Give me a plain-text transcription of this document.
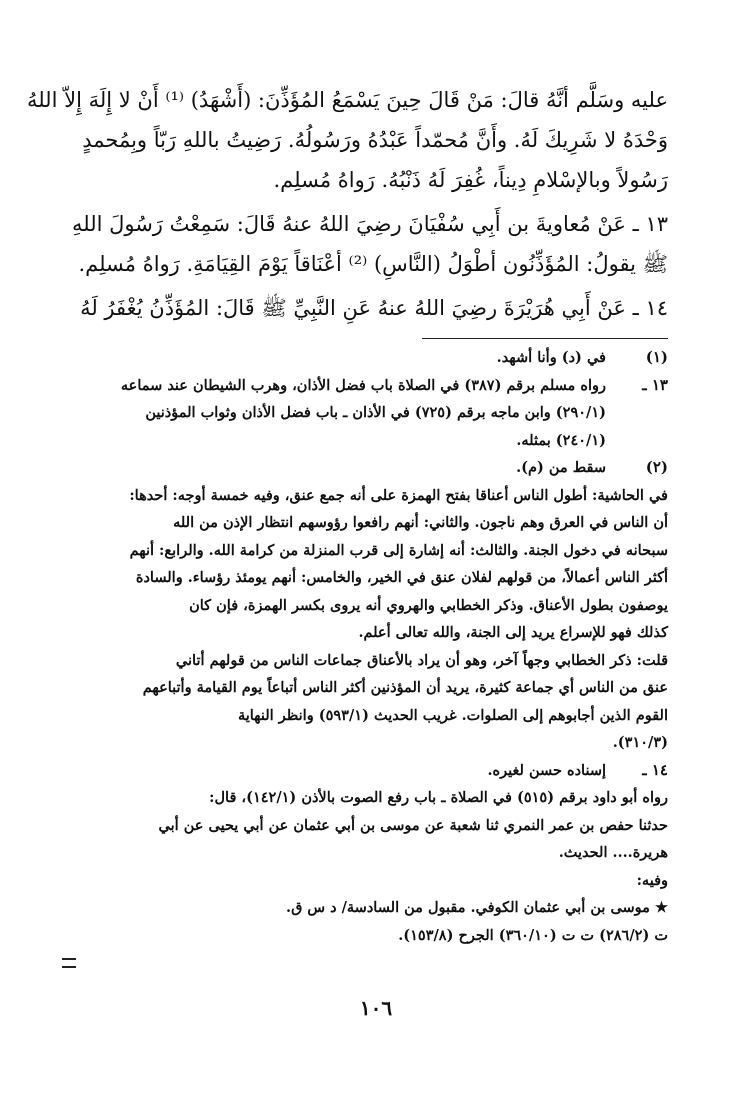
عليه وسَلَّم أنَّهُ قالَ: مَنْ قَالَ حِينَ يَسْمَعُ المُؤَذِّنَ: (أَشْهَدُ) ⁽¹⁾ أَنْ لا إِلَهَ إِلاّ اللهُ

وَحْدَهُ لا شَرِيكَ لَهُ. وأَنَّ مُحمّداً عَبْدُهُ ورَسُولُهُ. رَضِيتُ باللهِ رَبّاً وبِمُحمدٍ

رَسُولاً وبالإسْلامِ دِيناً، غُفِرَ لَهُ ذَنْبُهُ. رَواهُ مُسلِم.

١٣ ـ عَنْ مُعاويةَ بن أَبِي سُفْيَانَ رضِيَ اللهُ عنهُ قَالَ: سَمِعْتُ رَسُولَ اللهِ

ﷺ يقولُ: المُؤَذِّنُون أطْوَلُ (النَّاسِ) ⁽²⁾ أعْنَاقاً يَوْمَ القِيَامَةِ. رَواهُ مُسلِم.

١٤ ـ عَنْ أَبِي هُرَيْرَةَ رضِيَ اللهُ عنهُ عَنِ النَّبِيِّ ﷺ قَالَ: المُؤَذِّنُ يُغْفَرُ لَهُ

(١)
في (د) وأنا أشهد.
١٣ ـ
رواه مسلم برقم (٣٨٧) في الصلاة باب فضل الأذان، وهرب الشيطان عند سماعه
(٢٩٠/١) وابن ماجه برقم (٧٢٥) في الأذان ـ باب فضل الأذان وثواب المؤذنين
(٢٤٠/١) بمثله.
(٢)
سقط من (م).
في الحاشية: أطول الناس أعناقا بفتح الهمزة على أنه جمع عنق، وفيه خمسة أوجه: أحدها:
أن الناس في العرق وهم ناجون. والثاني: أنهم رافعوا رؤوسهم انتظار الإذن من الله
سبحانه في دخول الجنة. والثالث: أنه إشارة إلى قرب المنزلة من كرامة الله. والرابع: أنهم
أكثر الناس أعمالاً، من قولهم لفلان عنق في الخير، والخامس: أنهم يومئذ رؤساء. والسادة
يوصفون بطول الأعناق. وذكر الخطابي والهروي أنه يروى بكسر الهمزة، فإن كان
كذلك فهو للإسراع يريد إلى الجنة، والله تعالى أعلم.
قلت: ذكر الخطابي وجهاً آخر، وهو أن يراد بالأعناق جماعات الناس من قولهم أتاني
عنق من الناس أي جماعة كثيرة، يريد أن المؤذنين أكثر الناس أتباعاً يوم القيامة وأتباعهم
القوم الذين أجابوهم إلى الصلوات. غريب الحديث (٥٩٣/١) وانظر النهاية
(٣١٠/٣).
١٤ ـ
إسناده حسن لغيره.
رواه أبو داود برقم (٥١٥) في الصلاة ـ باب رفع الصوت بالأذن (١٤٢/١)، قال:
حدثنا حفص بن عمر النمري ثنا شعبة عن موسى بن أبي عثمان عن أبي يحيى عن أبي
هريرة.... الحديث.
وفيه:
★ موسى بن أبي عثمان الكوفي. مقبول من السادسة/ د س ق.
ت (٢٨٦/٢) ت ت (٣٦٠/١٠) الجرح (١٥٣/٨).
١٠٦
